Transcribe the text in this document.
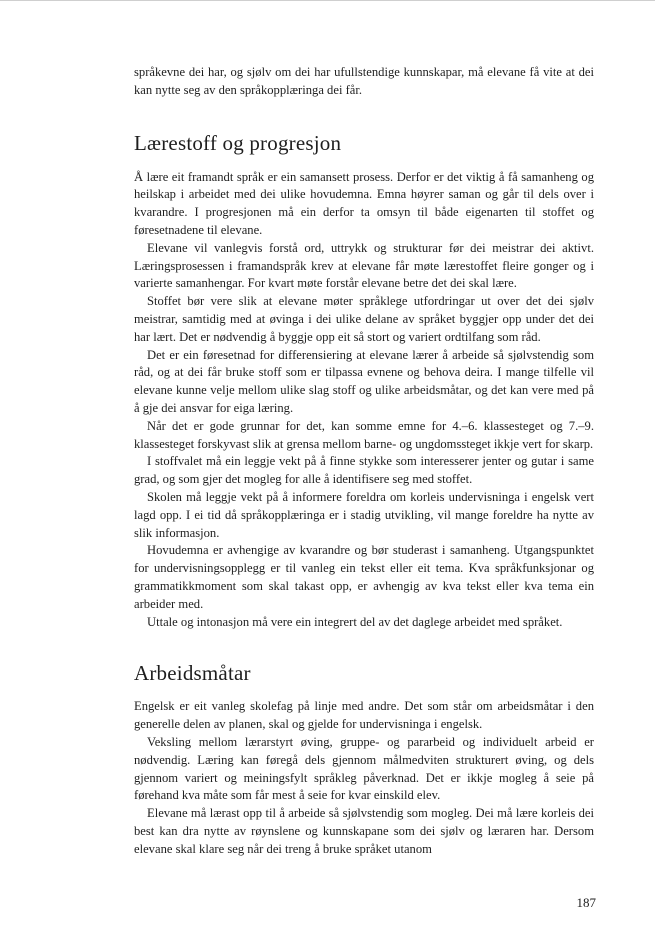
språkevne dei har, og sjølv om dei har ufullstendige kunnskapar, må elevane få vite at dei kan nytte seg av den språkopplæringa dei får.

Lærestoff og progresjon

Å lære eit framandt språk er ein samansett prosess. Derfor er det viktig å få samanheng og heilskap i arbeidet med dei ulike hovudemna. Emna høyrer saman og går til dels over i kvarandre. I progresjonen må ein derfor ta omsyn til både eigenarten til stoffet og føresetnadene til elevane.

Elevane vil vanlegvis forstå ord, uttrykk og strukturar før dei meistrar dei aktivt. Læringsprosessen i framandspråk krev at elevane får møte lærestoffet fleire gonger og i varierte samanhengar. For kvart møte forstår elevane betre det dei skal lære.

Stoffet bør vere slik at elevane møter språklege utfordringar ut over det dei sjølv meistrar, samtidig med at øvinga i dei ulike delane av språket byggjer opp under det dei har lært. Det er nødvendig å byggje opp eit så stort og variert ordtilfang som råd.

Det er ein føresetnad for differensiering at elevane lærer å arbeide så sjølvstendig som råd, og at dei får bruke stoff som er tilpassa evnene og behova deira. I mange tilfelle vil elevane kunne velje mellom ulike slag stoff og ulike arbeidsmåtar, og det kan vere med på å gje dei ansvar for eiga læring.

Når det er gode grunnar for det, kan somme emne for 4.–6. klassesteget og 7.–9. klassesteget forskyvast slik at grensa mellom barne- og ungdomssteget ikkje vert for skarp.

I stoffvalet må ein leggje vekt på å finne stykke som interesserer jenter og gutar i same grad, og som gjer det mogleg for alle å identifisere seg med stoffet.

Skolen må leggje vekt på å informere foreldra om korleis undervisninga i engelsk vert lagd opp. I ei tid då språkopplæringa er i stadig utvikling, vil mange foreldre ha nytte av slik informasjon.

Hovudemna er avhengige av kvarandre og bør studerast i samanheng. Utgangspunktet for undervisningsopplegg er til vanleg ein tekst eller eit tema. Kva språkfunksjonar og grammatikkmoment som skal takast opp, er avhengig av kva tekst eller kva tema ein arbeider med.

Uttale og intonasjon må vere ein integrert del av det daglege arbeidet med språket.

Arbeidsmåtar

Engelsk er eit vanleg skolefag på linje med andre. Det som står om arbeidsmåtar i den generelle delen av planen, skal og gjelde for undervisninga i engelsk.

Veksling mellom lærarstyrt øving, gruppe- og pararbeid og individuelt arbeid er nødvendig. Læring kan føregå dels gjennom målmedviten strukturert øving, og dels gjennom variert og meiningsfylt språkleg påverknad. Det er ikkje mogleg å seie på førehand kva måte som får mest å seie for kvar einskild elev.

Elevane må lærast opp til å arbeide så sjølvstendig som mogleg. Dei må lære korleis dei best kan dra nytte av røynslene og kunnskapane som dei sjølv og læraren har. Dersom elevane skal klare seg når dei treng å bruke språket utanom

187
